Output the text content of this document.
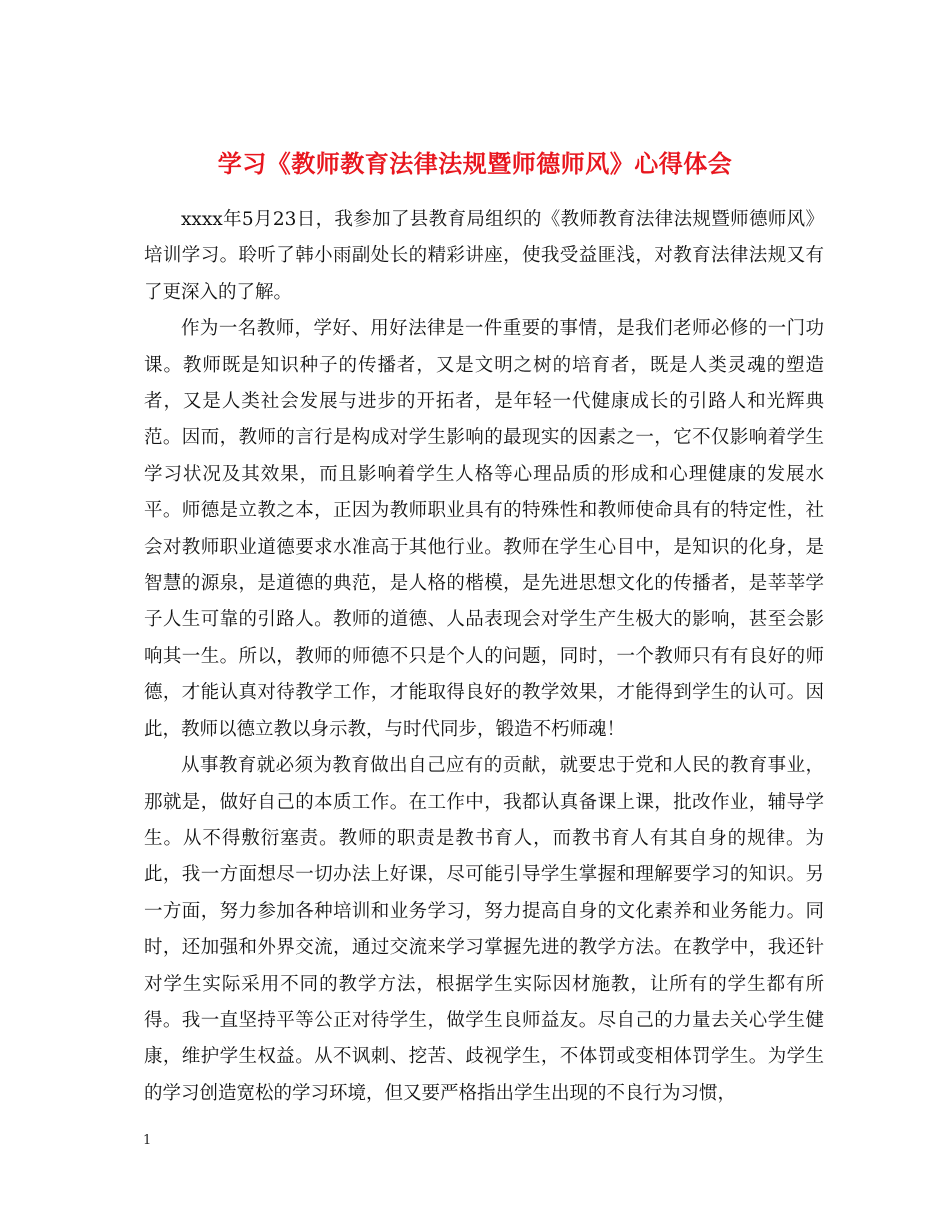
学习《教师教育法律法规暨师德师风》心得体会

xxxx年5月23日，我参加了县教育局组织的《教师教育法律法规暨师德师风》培训学习。聆听了韩小雨副处长的精彩讲座，使我受益匪浅，对教育法律法规又有了更深入的了解。

作为一名教师，学好、用好法律是一件重要的事情，是我们老师必修的一门功课。教师既是知识种子的传播者，又是文明之树的培育者，既是人类灵魂的塑造者，又是人类社会发展与进步的开拓者，是年轻一代健康成长的引路人和光辉典范。因而，教师的言行是构成对学生影响的最现实的因素之一，它不仅影响着学生学习状况及其效果，而且影响着学生人格等心理品质的形成和心理健康的发展水平。师德是立教之本，正因为教师职业具有的特殊性和教师使命具有的特定性，社会对教师职业道德要求水准高于其他行业。教师在学生心目中，是知识的化身，是智慧的源泉，是道德的典范，是人格的楷模，是先进思想文化的传播者，是莘莘学子人生可靠的引路人。教师的道德、人品表现会对学生产生极大的影响，甚至会影响其一生。所以，教师的师德不只是个人的问题，同时，一个教师只有有良好的师德，才能认真对待教学工作，才能取得良好的教学效果，才能得到学生的认可。因此，教师以德立教以身示教，与时代同步，锻造不朽师魂！

从事教育就必须为教育做出自己应有的贡献，就要忠于党和人民的教育事业，那就是，做好自己的本质工作。在工作中，我都认真备课上课，批改作业，辅导学生。从不得敷衍塞责。教师的职责是教书育人，而教书育人有其自身的规律。为此，我一方面想尽一切办法上好课，尽可能引导学生掌握和理解要学习的知识。另一方面，努力参加各种培训和业务学习，努力提高自身的文化素养和业务能力。同时，还加强和外界交流，通过交流来学习掌握先进的教学方法。在教学中，我还针对学生实际采用不同的教学方法，根据学生实际因材施教，让所有的学生都有所得。我一直坚持平等公正对待学生，做学生良师益友。尽自己的力量去关心学生健康，维护学生权益。从不讽刺、挖苦、歧视学生，不体罚或变相体罚学生。为学生的学习创造宽松的学习环境，但又要严格指出学生出现的不良行为习惯，

1
